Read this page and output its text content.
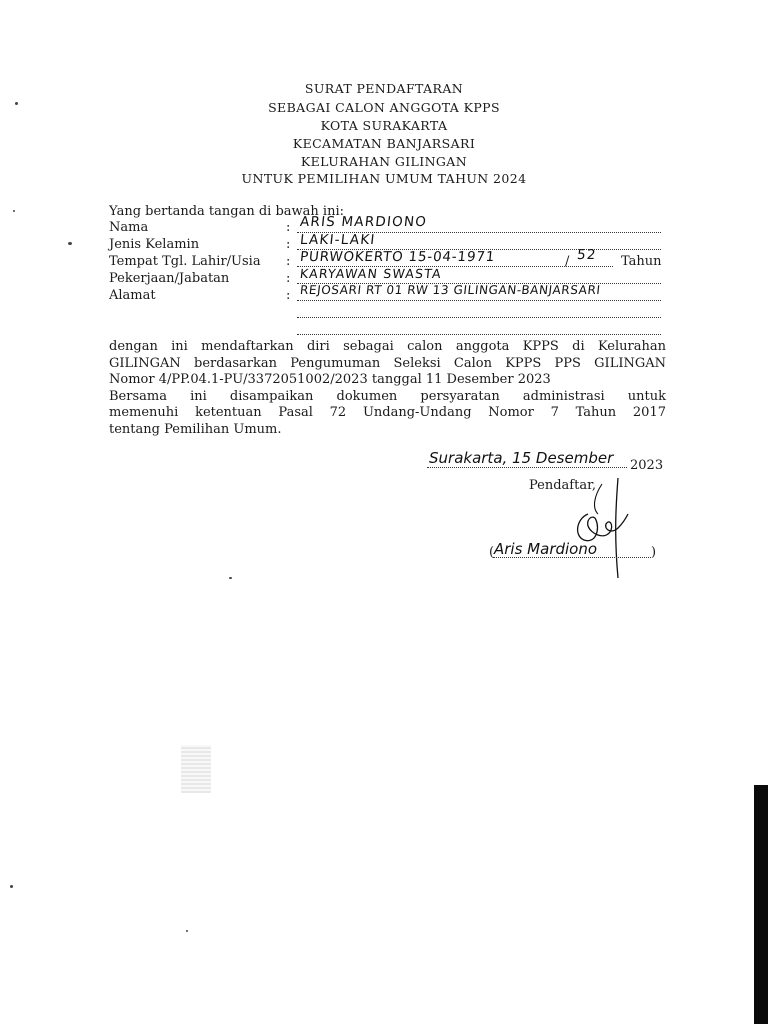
SURAT PENDAFTARAN
SEBAGAI CALON ANGGOTA KPPS
KOTA SURAKARTA
KECAMATAN BANJARSARI
KELURAHAN GILINGAN
UNTUK PEMILIHAN UMUM TAHUN 2024
Yang bertanda tangan di bawah ini:
Nama	: ARIS MARDIONO
Jenis Kelamin	: LAKI-LAKI
Tempat Tgl. Lahir/Usia : PURWOKERTO 15-04-1971	/ 52 Tahun
Pekerjaan/Jabatan	: KARYAWAN SWASTA
Alamat	: REJOSARI RT 01 RW 13 GILINGAN-BANJARSARI

dengan ini mendaftarkan diri sebagai calon anggota KPPS di Kelurahan

GILINGAN berdasarkan Pengumuman Seleksi Calon KPPS PPS GILINGAN

Nomor 4/PP.04.1-PU/3372051002/2023 tanggal 11 Desember 2023

Bersama ini disampaikan dokumen persyaratan administrasi untuk

memenuhi ketentuan Pasal 72 Undang-Undang Nomor 7 Tahun 2017

tentang Pemilihan Umum.

Surakarta, 15 Desember 2023
Pendaftar,
( Aris Mardiono	)
